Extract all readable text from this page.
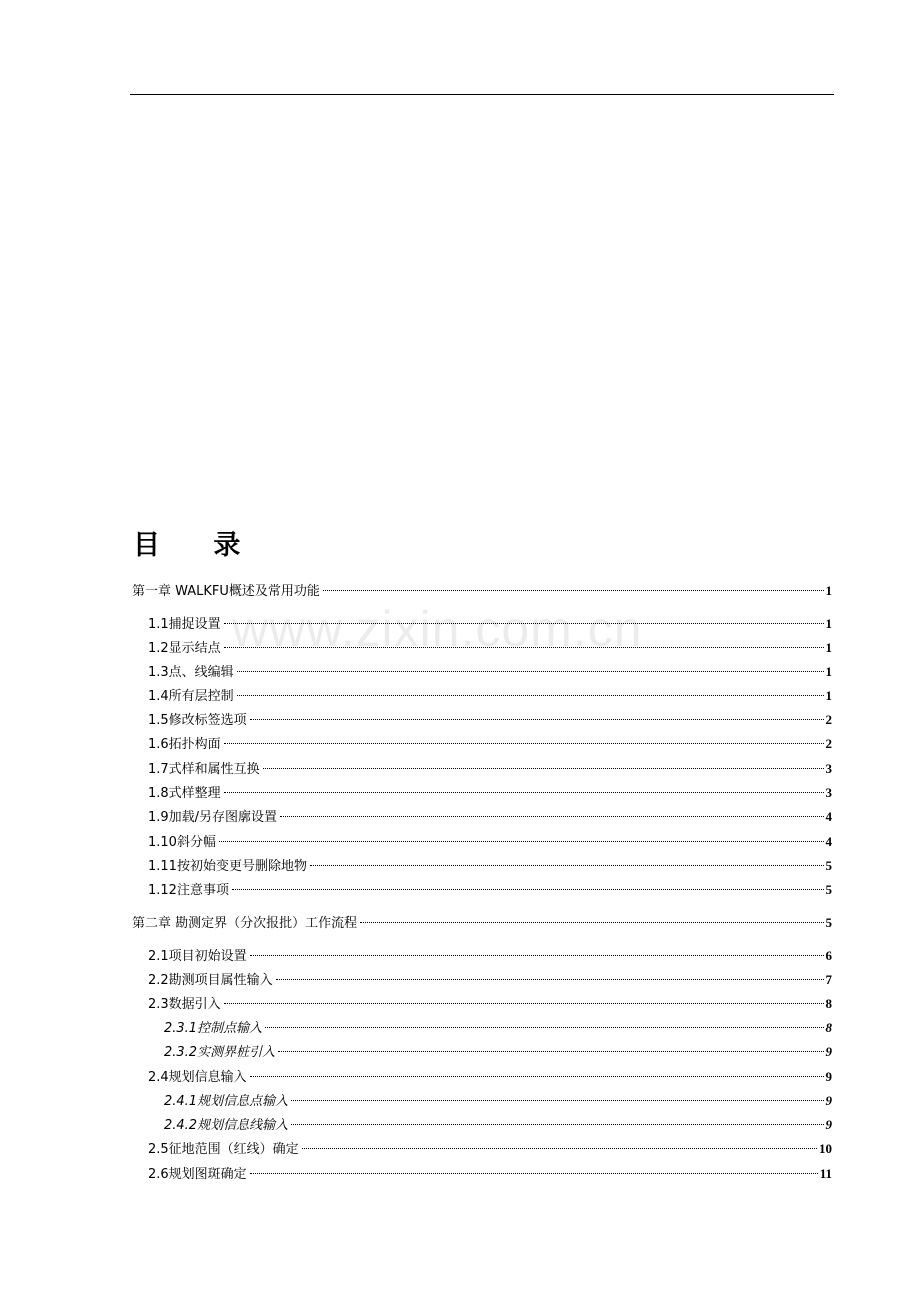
www.zixin.com.cn
目 录
第一章 WALKFU概述及常用功能	1
1.1捕捉设置	1
1.2显示结点	1
1.3点、线编辑	1
1.4所有层控制	1
1.5修改标签选项	2
1.6拓扑构面	2
1.7式样和属性互换	3
1.8式样整理	3
1.9加载/另存图廓设置	4
1.10斜分幅	4
1.11按初始变更号删除地物	5
1.12注意事项	5
第二章 勘测定界（分次报批）工作流程	5
2.1项目初始设置	6
2.2勘测项目属性输入	7
2.3数据引入	8
2.3.1控制点输入	8
2.3.2实测界桩引入	9
2.4规划信息输入	9
2.4.1规划信息点输入	9
2.4.2规划信息线输入	9
2.5征地范围（红线）确定	10
2.6规划图斑确定	11
